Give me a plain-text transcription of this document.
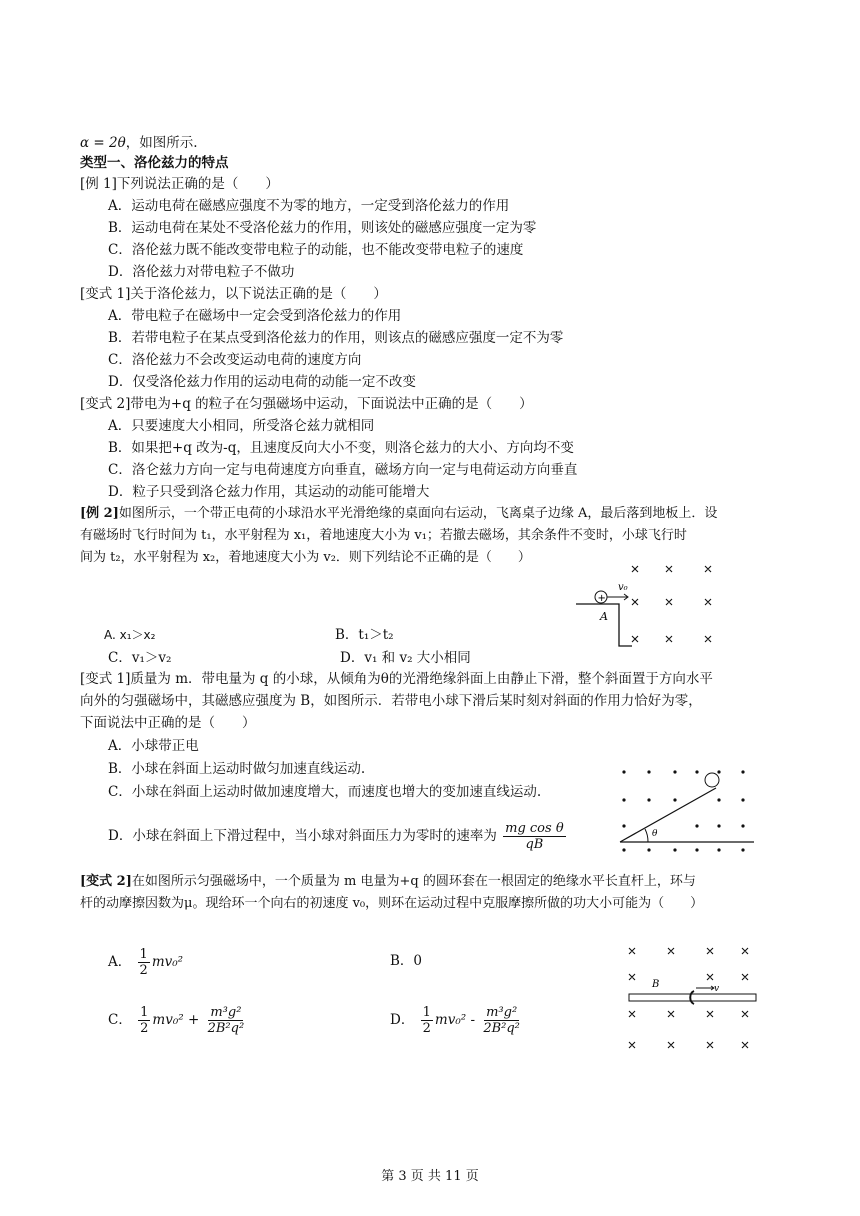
α = 2θ，如图所示.
类型一、洛伦兹力的特点
[例 1]下列说法正确的是（　　）
A．运动电荷在磁感应强度不为零的地方，一定受到洛伦兹力的作用
B．运动电荷在某处不受洛伦兹力的作用，则该处的磁感应强度一定为零
C．洛伦兹力既不能改变带电粒子的动能，也不能改变带电粒子的速度
D．洛伦兹力对带电粒子不做功
[变式 1]关于洛伦兹力，以下说法正确的是（　　）
A．带电粒子在磁场中一定会受到洛伦兹力的作用
B．若带电粒子在某点受到洛伦兹力的作用，则该点的磁感应强度一定不为零
C．洛伦兹力不会改变运动电荷的速度方向
D．仅受洛伦兹力作用的运动电荷的动能一定不改变
[变式 2]带电为+q 的粒子在匀强磁场中运动，下面说法中正确的是（　　）
A．只要速度大小相同，所受洛仑兹力就相同
B．如果把+q 改为-q，且速度反向大小不变，则洛仑兹力的大小、方向均不变
C．洛仑兹力方向一定与电荷速度方向垂直，磁场方向一定与电荷运动方向垂直
D．粒子只受到洛仑兹力作用，其运动的动能可能增大
[例 2]如图所示，一个带正电荷的小球沿水平光滑绝缘的桌面向右运动，飞离桌子边缘 A，最后落到地板上．设
有磁场时飞行时间为 t₁，水平射程为 x₁，着地速度大小为 v₁；若撤去磁场，其余条件不变时，小球飞行时
间为 t₂，水平射程为 x₂，着地速度大小为 v₂．则下列结论不正确的是（　　）
+
v₀
A
A. x₁＞x₂	B．t₁＞t₂
C．v₁＞v₂	D．v₁ 和 v₂ 大小相同
[变式 1]质量为 m．带电量为 q 的小球，从倾角为θ的光滑绝缘斜面上由静止下滑，整个斜面置于方向水平
向外的匀强磁场中，其磁感应强度为 B，如图所示．若带电小球下滑后某时刻对斜面的作用力恰好为零，
下面说法中正确的是（　　）
A．小球带正电
B．小球在斜面上运动时做匀加速直线运动.
C．小球在斜面上运动时做加速度增大，而速度也增大的变加速直线运动.
D．小球在斜面上下滑过程中，当小球对斜面压力为零时的速率为 $\frac{\text{mg cos θ}}{qB}$	θ
[变式 2]在如图所示匀强磁场中，一个质量为 m 电量为+q 的圆环套在一根固定的绝缘水平长直杆上，环与
杆的动摩擦因数为μ。现给环一个向右的初速度 v₀，则环在运动过程中克服摩擦所做的功大小可能为（　　）
A． $\frac{1}{2} mv_0^2$	B．0
C． $\frac{1}{2} mv_0^2 + \frac{\text{m³g²}}{\text{2B²q²}}$	D． $\frac{1}{2} mv_0^2 - \frac{\text{m³g²}}{\text{2B²q²}}$
B	v
第 3 页 共 11 页
